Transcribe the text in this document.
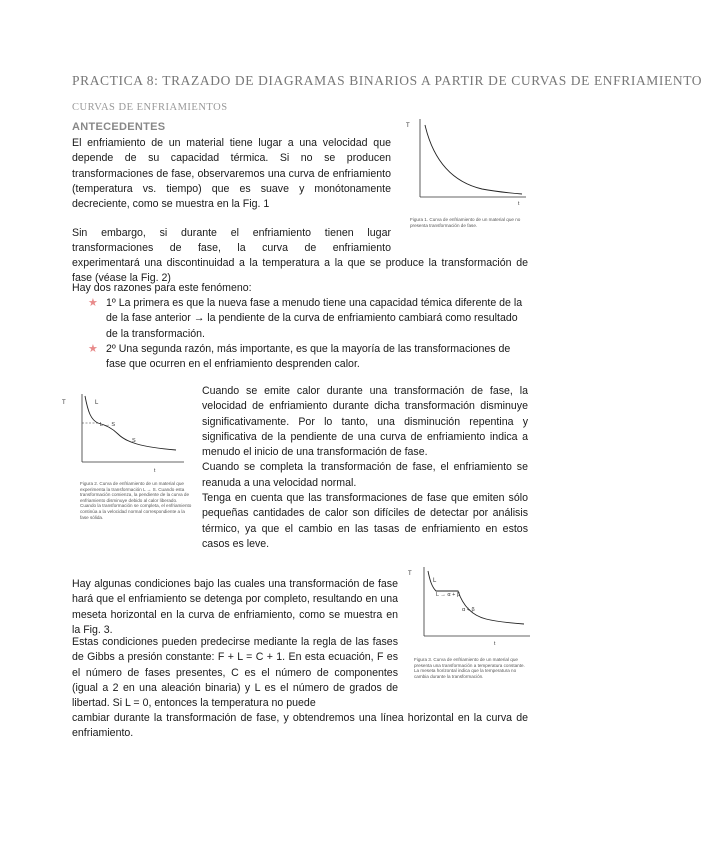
PRACTICA 8: TRAZADO DE DIAGRAMAS BINARIOS A PARTIR DE CURVAS DE ENFRIAMIENTO
CURVAS DE ENFRIAMIENTOS
ANTECEDENTES
El enfriamiento de un material tiene lugar a una velocidad que depende de su capacidad térmica. Si no se producen transformaciones de fase, observaremos una curva de enfriamiento (temperatura vs. tiempo) que es suave y monótonamente decreciente, como se muestra en la Fig. 1
T
t
Figura 1. Curva de enfriamiento de un material que no presenta transformación de fase.
Sin embargo, si durante el enfriamiento tienen lugar
transformaciones de fase, la curva de enfriamiento
experimentará una discontinuidad a la temperatura a la que se produce la transformación de fase (véase la Fig. 2)
Hay dos razones para este fenómeno:

★ 1º La primera es que la nueva fase a menudo tiene una capacidad témica diferente de la de la fase anterior → la pendiente de la curva de enfriamiento cambiará como resultado de la transformación.

★ 2º Una segunda razón, más importante, es que la mayoría de las transformaciones de fase que ocurren en el enfriamiento desprenden calor.

T	L
L → S
S
t
Figura 2. Curva de enfriamiento de un material que experimenta la transformación L → S. Cuando esta transformación comienza, la pendiente de la curva de enfriamiento disminuye debido al calor liberado. Cuando la transformación se completa, el enfriamiento continúa a la velocidad normal correspondiente a la fase sólida.
Cuando se emite calor durante una transformación de fase, la velocidad de enfriamiento durante dicha transformación disminuye significativamente. Por lo tanto, una disminución repentina y significativa de la pendiente de una curva de enfriamiento indica a menudo el inicio de una transformación de fase.
Cuando se completa la transformación de fase, el enfriamiento se reanuda a una velocidad normal.
Tenga en cuenta que las transformaciones de fase que emiten sólo pequeñas cantidades de calor son difíciles de detectar por análisis térmico, ya que el cambio en las tasas de enfriamiento en estos casos es leve.
T
L
L → α + β
α + β
t
Figura 3. Curva de enfriamiento de un material que presenta una transformación a temperatura constante. La meseta horizontal indica que la temperatura no cambia durante la transformación.
Hay algunas condiciones bajo las cuales una transformación de fase hará que el enfriamiento se detenga por completo, resultando en una meseta horizontal en la curva de enfriamiento, como se muestra en la Fig. 3.
Estas condiciones pueden predecirse mediante la regla de las fases de Gibbs a presión constante: F + L = C + 1. En esta ecuación, F es el número de fases presentes, C es el número de componentes (igual a 2 en una aleación binaria) y L es el número de grados de libertad. Si L = 0, entonces la temperatura no puede
cambiar durante la transformación de fase, y obtendremos una línea horizontal en la curva de enfriamiento.
